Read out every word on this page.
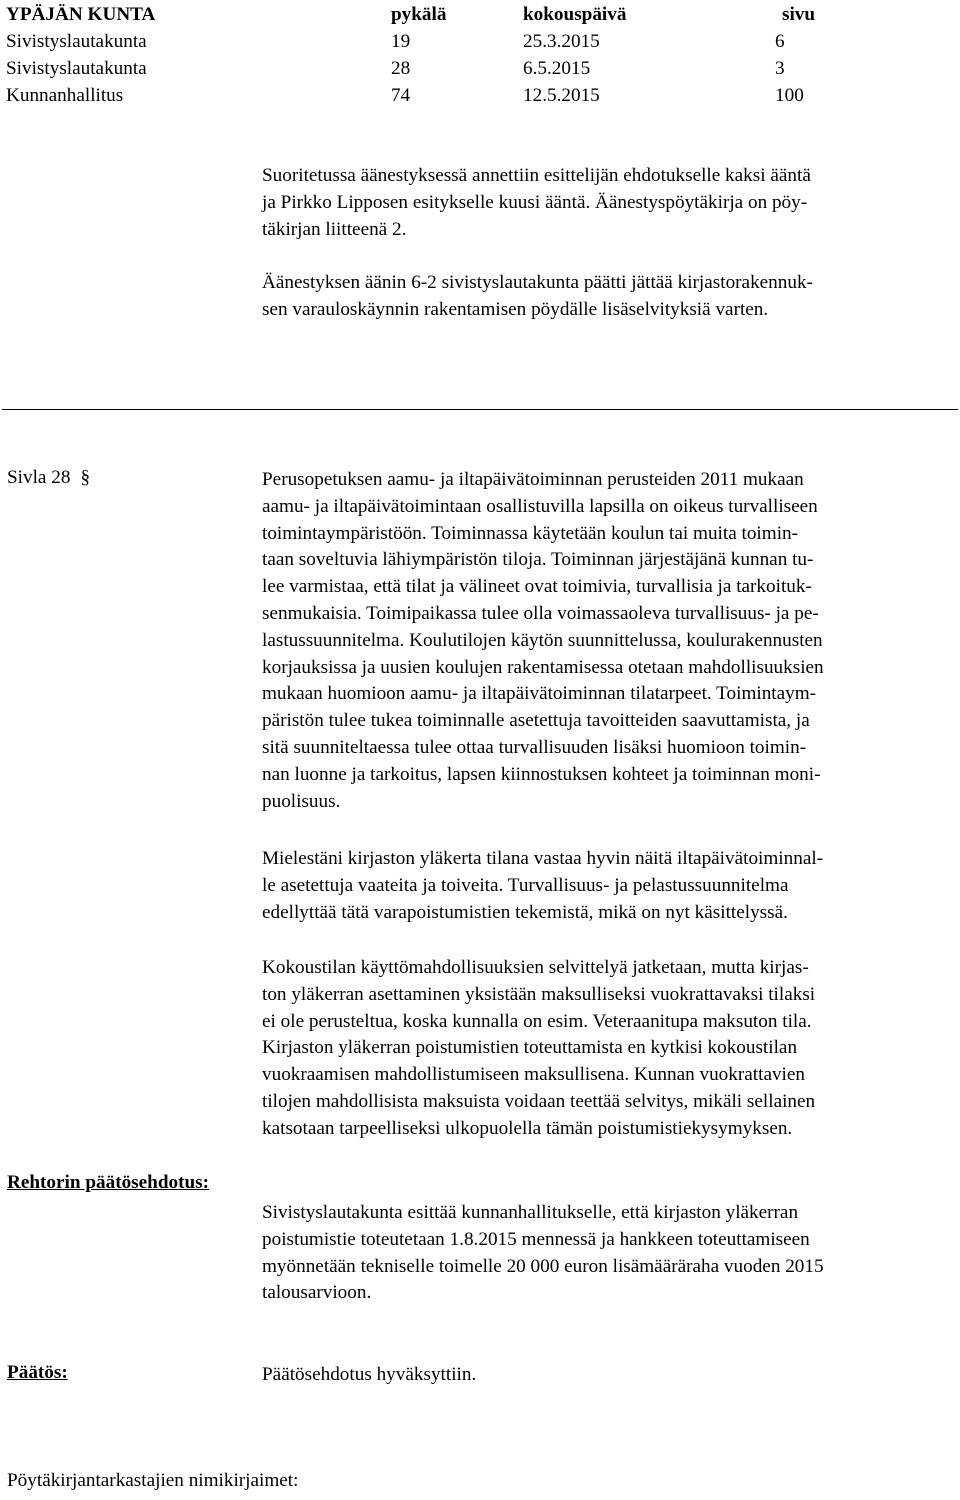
YPÄJÄN KUNTA	pykälä	kokouspäivä	sivu
Sivistyslautakunta	19	25.3.2015	6
Sivistyslautakunta	28	6.5.2015	3
Kunnanhallitus	74	12.5.2015	100
Suoritetussa äänestyksessä annettiin esittelijän ehdotukselle kaksi ääntä
ja Pirkko Lipposen esitykselle kuusi ääntä. Äänestyspöytäkirja on pöy-
täkirjan liitteenä 2.
Äänestyksen äänin 6-2 sivistyslautakunta päätti jättää kirjastorakennuk-
sen varauloskäynnin rakentamisen pöydälle lisäselvityksiä varten.
Sivla 28 §	Perusopetuksen aamu- ja iltapäivätoiminnan perusteiden 2011 mukaan
aamu- ja iltapäivätoimintaan osallistuvilla lapsilla on oikeus turvalliseen
toimintaympäristöön. Toiminnassa käytetään koulun tai muita toimin-
taan soveltuvia lähiympäristön tiloja. Toiminnan järjestäjänä kunnan tu-
lee varmistaa, että tilat ja välineet ovat toimivia, turvallisia ja tarkoituk-
senmukaisia. Toimipaikassa tulee olla voimassaoleva turvallisuus- ja pe-
lastussuunnitelma. Koulutilojen käytön suunnittelussa, koulurakennusten
korjauksissa ja uusien koulujen rakentamisessa otetaan mahdollisuuksien
mukaan huomioon aamu- ja iltapäivätoiminnan tilatarpeet. Toimintaym-
päristön tulee tukea toiminnalle asetettuja tavoitteiden saavuttamista, ja
sitä suunniteltaessa tulee ottaa turvallisuuden lisäksi huomioon toimin-
nan luonne ja tarkoitus, lapsen kiinnostuksen kohteet ja toiminnan moni-
puolisuus.
Mielestäni kirjaston yläkerta tilana vastaa hyvin näitä iltapäivätoiminnal-
le asetettuja vaateita ja toiveita. Turvallisuus- ja pelastussuunnitelma
edellyttää tätä varapoistumistien tekemistä, mikä on nyt käsittelyssä.
Kokoustilan käyttömahdollisuuksien selvittelyä jatketaan, mutta kirjas-
ton yläkerran asettaminen yksistään maksulliseksi vuokrattavaksi tilaksi
ei ole perusteltua, koska kunnalla on esim. Veteraanitupa maksuton tila.
Kirjaston yläkerran poistumistien toteuttamista en kytkisi kokoustilan
vuokraamisen mahdollistumiseen maksullisena. Kunnan vuokrattavien
tilojen mahdollisista maksuista voidaan teettää selvitys, mikäli sellainen
katsotaan tarpeelliseksi ulkopuolella tämän poistumistiekysymyksen.
Rehtorin päätösehdotus:
Sivistyslautakunta esittää kunnanhallitukselle, että kirjaston yläkerran
poistumistie toteutetaan 1.8.2015 mennessä ja hankkeen toteuttamiseen
myönnetään tekniselle toimelle 20 000 euron lisämääräraha vuoden 2015
talousarvioon.
Päätös:	Päätösehdotus hyväksyttiin.
Pöytäkirjantarkastajien nimikirjaimet:
